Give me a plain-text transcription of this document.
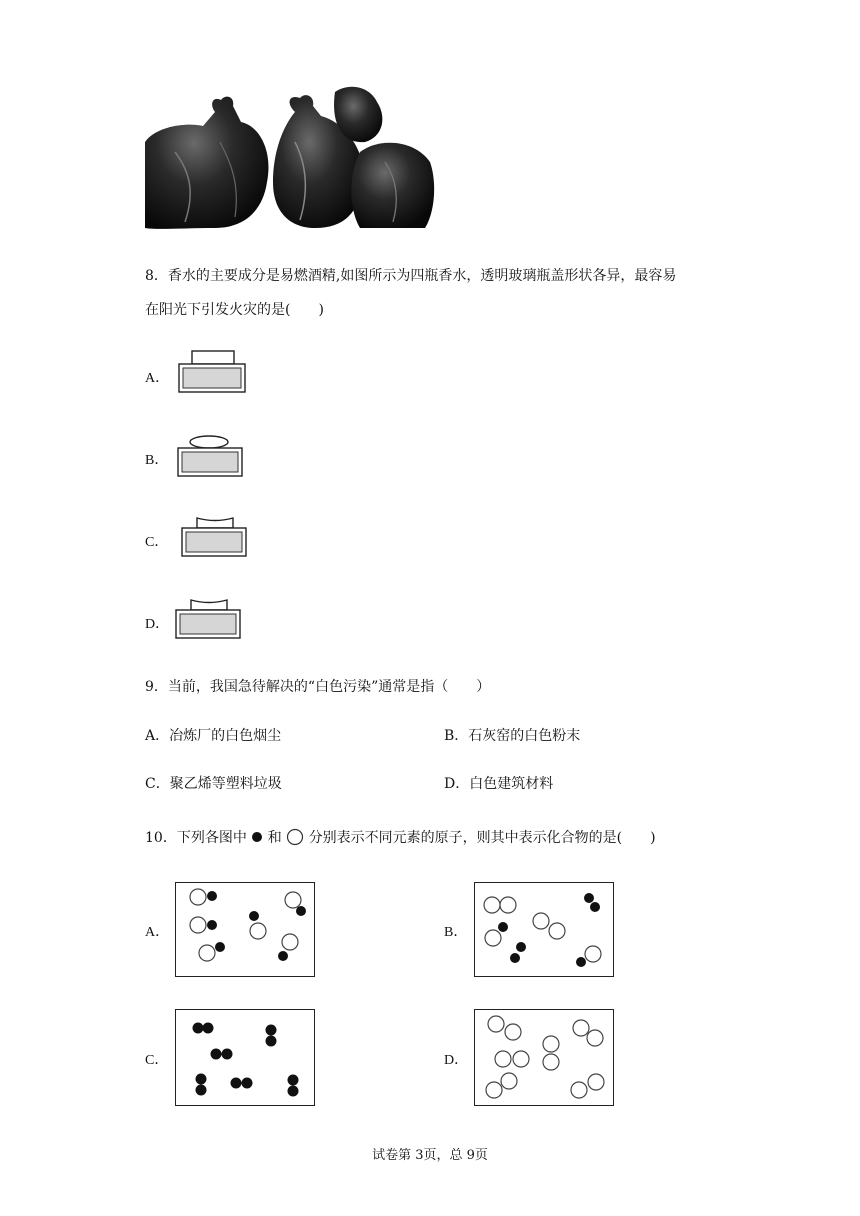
8．香水的主要成分是易燃酒精,如图所示为四瓶香水，透明玻璃瓶盖形状各异，最容易
在阳光下引发火灾的是(　　)
A．
B．
C．
D．
9．当前，我国急待解决的“白色污染”通常是指（　　）
A．冶炼厂的白色烟尘	B．石灰窑的白色粉末
C．聚乙烯等塑料垃圾	D．白色建筑材料
10．下列各图中 和 分别表示不同元素的原子，则其中表示化合物的是(　　)
A．	B．
C．	D．
试卷第 3页，总 9页
